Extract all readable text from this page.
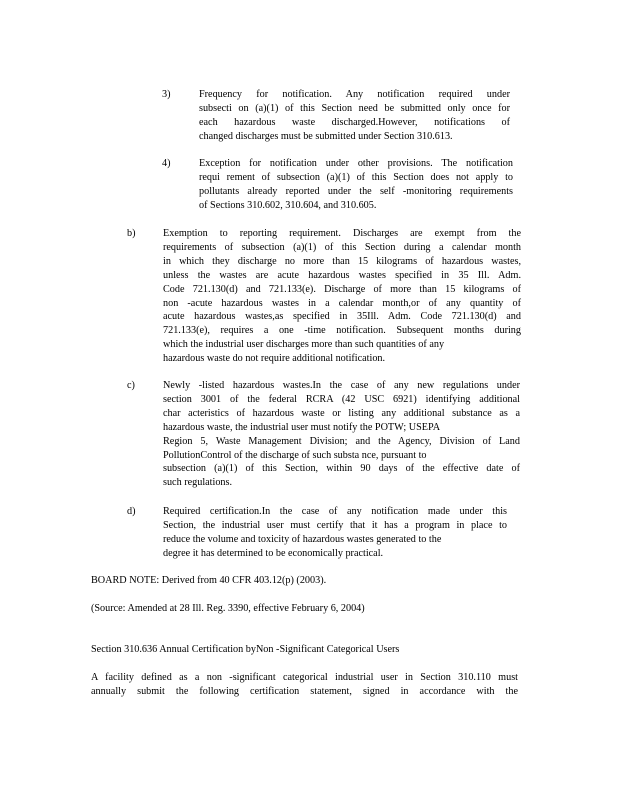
3)	Frequency for notification. Any notification required under
subsecti on (a)(1) of this Section need be submitted only once for
each hazardous waste discharged.However, notifications of
changed discharges must be submitted under Section 310.613.
4)	Exception for notification under other provisions. The notification
requi rement of subsection (a)(1) of this Section does not apply to
pollutants already reported under the self -monitoring requirements
of Sections 310.602, 310.604, and 310.605.
b)	Exemption to reporting requirement. Discharges are exempt from the
requirements of subsection (a)(1) of this Section during a calendar month
in which they discharge no more than 15 kilograms of hazardous wastes,
unless the wastes are acute hazardous wastes specified in 35 Ill. Adm.
Code 721.130(d) and 721.133(e). Discharge of more than 15 kilograms of
non -acute hazardous wastes in a calendar month,or of any quantity of
acute hazardous wastes,as specified in 35Ill. Adm. Code 721.130(d) and
721.133(e), requires a one -time notification. Subsequent months during
which the industrial user discharges more than such quantities of any
hazardous waste do not require additional notification.
c)	Newly -listed hazardous wastes.In the case of any new regulations under
section 3001 of the federal RCRA (42 USC 6921) identifying additional
char acteristics of hazardous waste or listing any additional substance as a
hazardous waste, the industrial user must notify the POTW; USEPA
Region 5, Waste Management Division; and the Agency, Division of Land
PollutionControl of the discharge of such substa nce, pursuant to
subsection (a)(1) of this Section, within 90 days of the effective date of
such regulations.
d)	Required certification.In the case of any notification made under this
Section, the industrial user must certify that it has a program in place to
reduce the volume and toxicity of hazardous wastes generated to the
degree it has determined to be economically practical.
BOARD NOTE: Derived from 40 CFR 403.12(p) (2003).
(Source: Amended at 28 Ill. Reg. 3390, effective February 6, 2004)
Section 310.636 Annual Certification byNon -Significant Categorical Users
A facility defined as a non -significant categorical industrial user in Section 310.110 must
annually submit the following certification statement, signed in accordance with the
